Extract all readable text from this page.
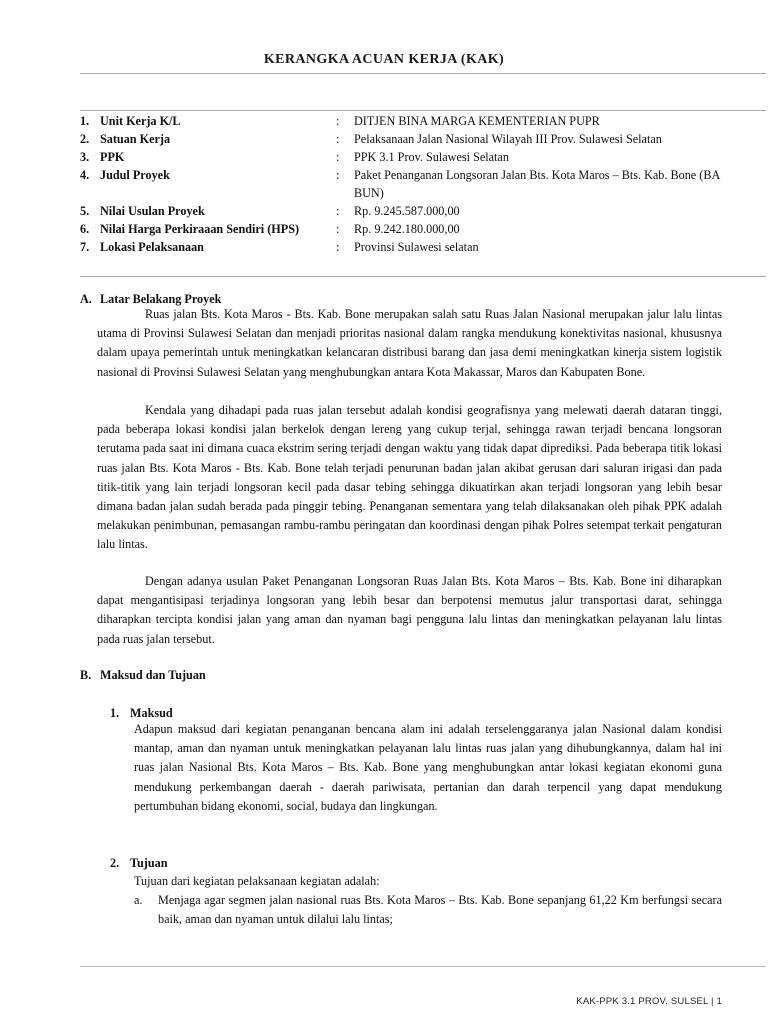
KERANGKA ACUAN KERJA (KAK)
1. Unit Kerja K/L	:	DITJEN BINA MARGA KEMENTERIAN PUPR
2. Satuan Kerja	:	Pelaksanaan Jalan Nasional Wilayah III Prov. Sulawesi Selatan
3. PPK	:	PPK 3.1 Prov. Sulawesi Selatan
4. Judul Proyek	:	Paket Penanganan Longsoran Jalan Bts. Kota Maros – Bts. Kab. Bone (BA BUN)
5. Nilai Usulan Proyek	:	Rp. 9.245.587.000,00
6. Nilai Harga Perkiraaan Sendiri (HPS)	:	Rp. 9.242.180.000,00
7. Lokasi Pelaksanaan	:	Provinsi Sulawesi selatan
A. Latar Belakang Proyek

Ruas jalan Bts. Kota Maros - Bts. Kab. Bone merupakan salah satu Ruas Jalan Nasional merupakan jalur lalu lintas utama di Provinsi Sulawesi Selatan dan menjadi prioritas nasional dalam rangka mendukung konektivitas nasional, khususnya dalam upaya pemerintah untuk meningkatkan kelancaran distribusi barang dan jasa demi meningkatkan kinerja sistem logistik nasional di Provinsi Sulawesi Selatan yang menghubungkan antara Kota Makassar, Maros dan Kabupaten Bone.

Kendala yang dihadapi pada ruas jalan tersebut adalah kondisi geografisnya yang melewati daerah dataran tinggi, pada beberapa lokasi kondisi jalan berkelok dengan lereng yang cukup terjal, sehingga rawan terjadi bencana longsoran terutama pada saat ini dimana cuaca ekstrim sering terjadi dengan waktu yang tidak dapat diprediksi. Pada beberapa titik lokasi ruas jalan Bts. Kota Maros - Bts. Kab. Bone telah terjadi penurunan badan jalan akibat gerusan dari saluran irigasi dan pada titik-titik yang lain terjadi longsoran kecil pada dasar tebing sehingga dikuatirkan akan terjadi longsoran yang lebih besar dimana badan jalan sudah berada pada pinggir tebing. Penanganan sementara yang telah dilaksanakan oleh pihak PPK adalah melakukan penimbunan, pemasangan rambu-rambu peringatan dan koordinasi dengan pihak Polres setempat terkait pengaturan lalu lintas.

Dengan adanya usulan Paket Penanganan Longsoran Ruas Jalan Bts. Kota Maros – Bts. Kab. Bone ini diharapkan dapat mengantisipasi terjadinya longsoran yang lebih besar dan berpotensi memutus jalur transportasi darat, sehingga diharapkan tercipta kondisi jalan yang aman dan nyaman bagi pengguna lalu lintas dan meningkatkan pelayanan lalu lintas pada ruas jalan tersebut.

B. Maksud dan Tujuan
1. Maksud

Adapun maksud dari kegiatan penanganan bencana alam ini adalah terselenggaranya jalan Nasional dalam kondisi mantap, aman dan nyaman untuk meningkatkan pelayanan lalu lintas ruas jalan yang dihubungkannya, dalam hal ini ruas jalan Nasional Bts. Kota Maros – Bts. Kab. Bone yang menghubungkan antar lokasi kegiatan ekonomi guna mendukung perkembangan daerah - daerah pariwisata, pertanian dan darah terpencil yang dapat mendukung pertumbuhan bidang ekonomi, social, budaya dan lingkungan.

2. Tujuan

Tujuan dari kegiatan pelaksanaan kegiatan adalah:

a.	Menjaga agar segmen jalan nasional ruas Bts. Kota Maros – Bts. Kab. Bone sepanjang 61,22 Km berfungsi secara baik, aman dan nyaman untuk dilalui lalu lintas;
KAK-PPK 3.1 PROV. SULSEL | 1
